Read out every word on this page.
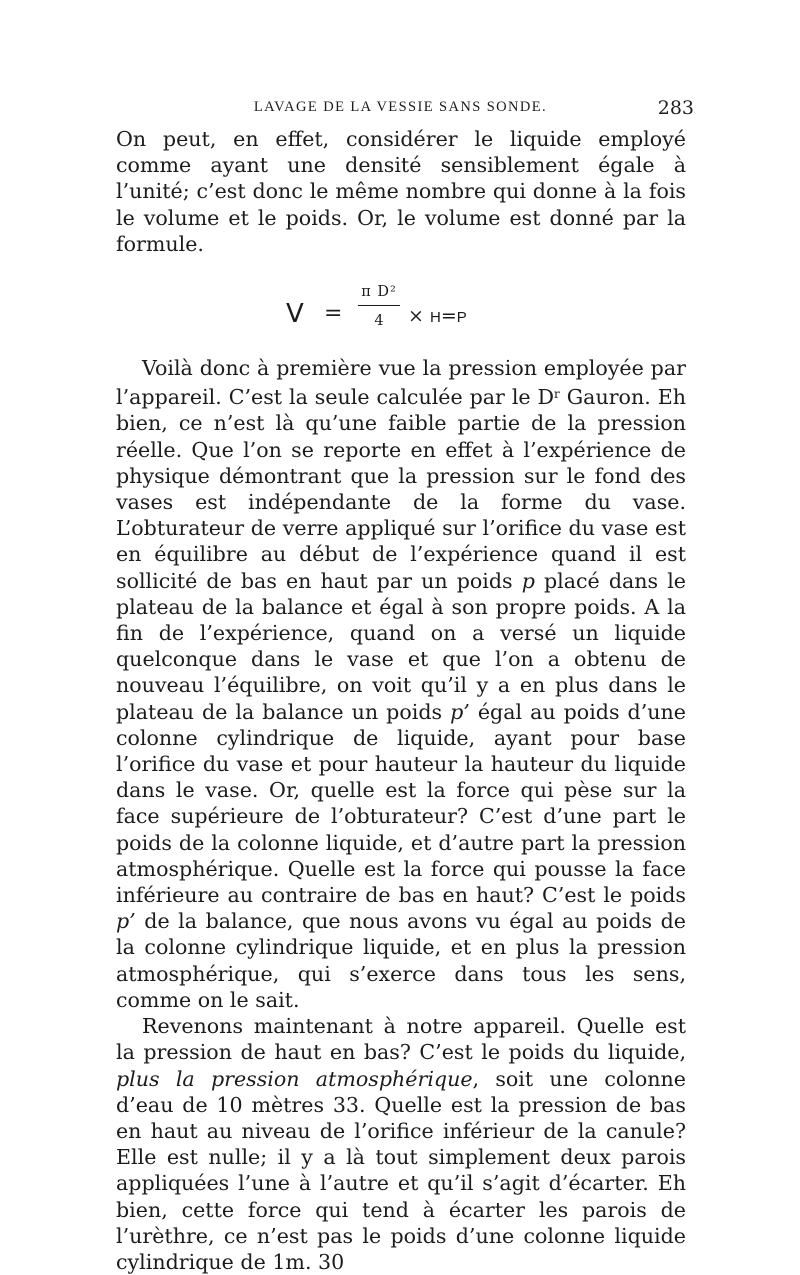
LAVAGE DE LA VESSIE SANS SONDE.	283

On peut, en effet, considérer le liquide employé comme ayant une densité sensiblement égale à l’unité; c’est donc le même nombre qui donne à la fois le volume et le poids. Or, le volume est donné par la formule.

V =
π D²
4	× H=P

Voilà donc à première vue la pression employée par l’appareil. C’est la seule calculée par le $D^r$ Gauron. Eh bien, ce n’est là qu’une faible partie de la pression réelle. Que l’on se reporte en effet à l’expérience de physique démontrant que la pression sur le fond des vases est indépendante de la forme du vase. L’obturateur de verre appliqué sur l’orifice du vase est en équilibre au début de l’expérience quand il est sollicité de bas en haut par un poids p placé dans le plateau de la balance et égal à son propre poids. A la fin de l’expérience, quand on a versé un liquide quelconque dans le vase et que l’on a obtenu de nouveau l’équilibre, on voit qu’il y a en plus dans le plateau de la balance un poids p’ égal au poids d’une colonne cylindrique de liquide, ayant pour base l’orifice du vase et pour hauteur la hauteur du liquide dans le vase. Or, quelle est la force qui pèse sur la face supérieure de l’obturateur? C’est d’une part le poids de la colonne liquide, et d’autre part la pression atmosphérique. Quelle est la force qui pousse la face inférieure au contraire de bas en haut? C’est le poids p’ de la balance, que nous avons vu égal au poids de la colonne cylindrique liquide, et en plus la pression atmosphérique, qui s’exerce dans tous les sens, comme on le sait.

Revenons maintenant à notre appareil. Quelle est la pression de haut en bas? C’est le poids du liquide, plus la pression atmosphérique, soit une colonne d’eau de 10 mètres 33. Quelle est la pression de bas en haut au niveau de l’orifice inférieur de la canule? Elle est nulle; il y a là tout simplement deux parois appliquées l’une à l’autre et qu’il s’agit d’écarter. Eh bien, cette force qui tend à écarter les parois de l’urèthre, ce n’est pas le poids d’une colonne liquide cylindrique de 1m. 30
